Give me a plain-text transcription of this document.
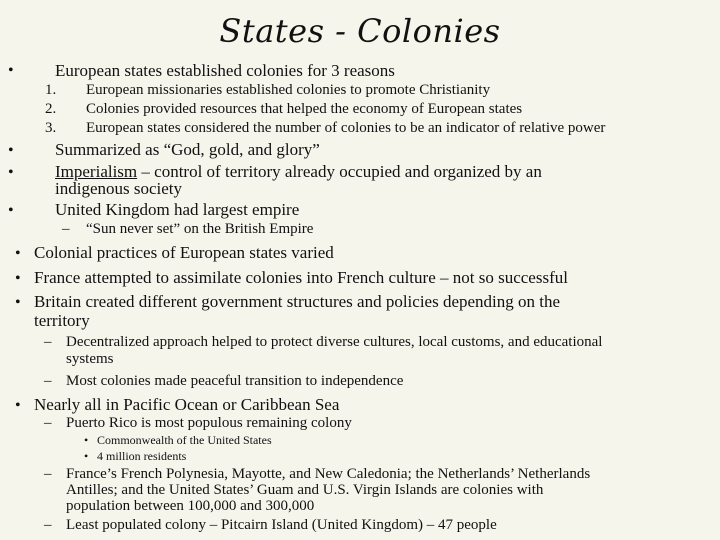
States - Colonies
• European states established colonies for 3 reasons
1. European missionaries established colonies to promote Christianity
2. Colonies provided resources that helped the economy of European states
3. European states considered the number of colonies to be an indicator of relative power
• Summarized as “God, gold, and glory”
• Imperialism – control of territory already occupied and organized by an
indigenous society
• United Kingdom had largest empire
– “Sun never set” on the British Empire
• Colonial practices of European states varied
• France attempted to assimilate colonies into French culture – not so successful
• Britain created different government structures and policies depending on the
territory
– Decentralized approach helped to protect diverse cultures, local customs, and educational
systems
– Most colonies made peaceful transition to independence
• Nearly all in Pacific Ocean or Caribbean Sea
– Puerto Rico is most populous remaining colony
• Commonwealth of the United States
• 4 million residents
– France’s French Polynesia, Mayotte, and New Caledonia; the Netherlands’ Netherlands
Antilles; and the United States’ Guam and U.S. Virgin Islands are colonies with
population between 100,000 and 300,000
– Least populated colony – Pitcairn Island (United Kingdom) – 47 people
